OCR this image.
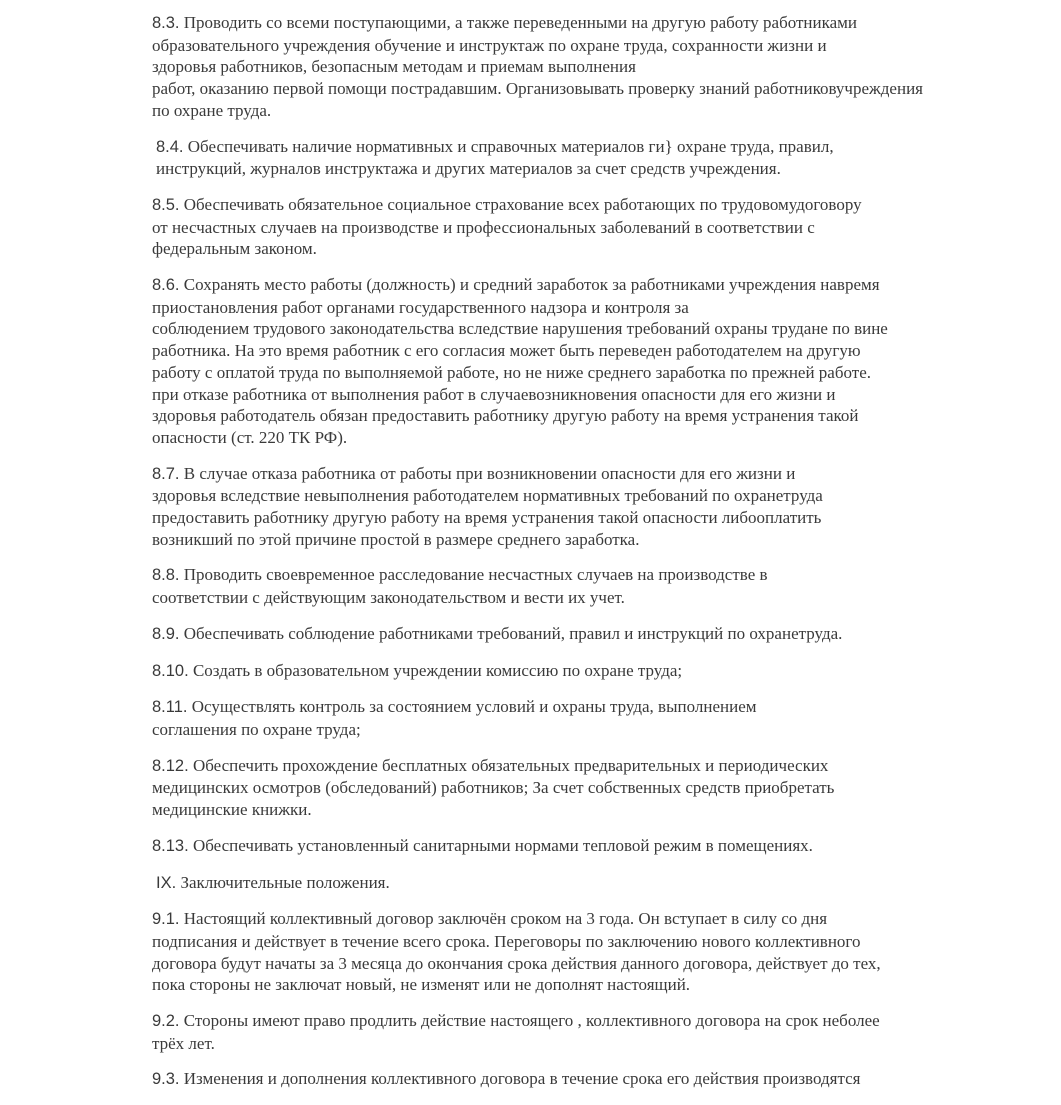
8.3. Проводить со всеми поступающими, а также переведенными на другую работу работниками
образовательного учреждения обучение и инструктаж по охране труда, сохранности жизни и
здоровья работников, безопасным методам и приемам выполнения
работ, оказанию первой помощи пострадавшим. Организовывать проверку знаний работниковучреждения
по охране труда.
8.4. Обеспечивать наличие нормативных и справочных материалов ги} охране труда, правил,
инструкций, журналов инструктажа и других материалов за счет средств учреждения.
8.5. Обеспечивать обязательное социальное страхование всех работающих по трудовомудоговору
от несчастных случаев на производстве и профессиональных заболеваний в соответствии с
федеральным законом.
8.6. Сохранять место работы (должность) и средний заработок за работниками учреждения навремя
приостановления работ органами государственного надзора и контроля за
соблюдением трудового законодательства вследствие нарушения требований охраны трудане по вине
работника. На это время работник с его согласия может быть переведен работодателем на другую
работу с оплатой труда по выполняемой работе, но не ниже среднего заработка по прежней работе.
при отказе работника от выполнения работ в случаевозникновения опасности для его жизни и
здоровья работодатель обязан предоставить работнику другую работу на время устранения такой
опасности (ст. 220 ТК РФ).
8.7. В случае отказа работника от работы при возникновении опасности для его жизни и
здоровья вследствие невыполнения работодателем нормативных требований по охранетруда
предоставить работнику другую работу на время устранения такой опасности либооплатить
возникший по этой причине простой в размере среднего заработка.
8.8. Проводить своевременное расследование несчастных случаев на производстве в
соответствии с действующим законодательством и вести их учет.
8.9. Обеспечивать соблюдение работниками требований, правил и инструкций по охранетруда.
8.10. Создать в образовательном учреждении комиссию по охране труда;
8.11. Осуществлять контроль за состоянием условий и охраны труда, выполнением
соглашения по охране труда;
8.12. Обеспечить прохождение бесплатных обязательных предварительных и периодических
медицинских осмотров (обследований) работников; За счет собственных средств приобретать
медицинские книжки.
8.13. Обеспечивать установленный санитарными нормами тепловой режим в помещениях.
IX. Заключительные положения.
9.1. Настоящий коллективный договор заключён сроком на 3 года. Он вступает в силу со дня
подписания и действует в течение всего срока. Переговоры по заключению нового коллективного
договора будут начаты за 3 месяца до окончания срока действия данного договора, действует до тех,
пока стороны не заключат новый, не изменят или не дополнят настоящий.
9.2. Стороны имеют право продлить действие настоящего , коллективного договора на срок неболее
трёх лет.
9.3. Изменения и дополнения коллективного договора в течение срока его действия производятся
